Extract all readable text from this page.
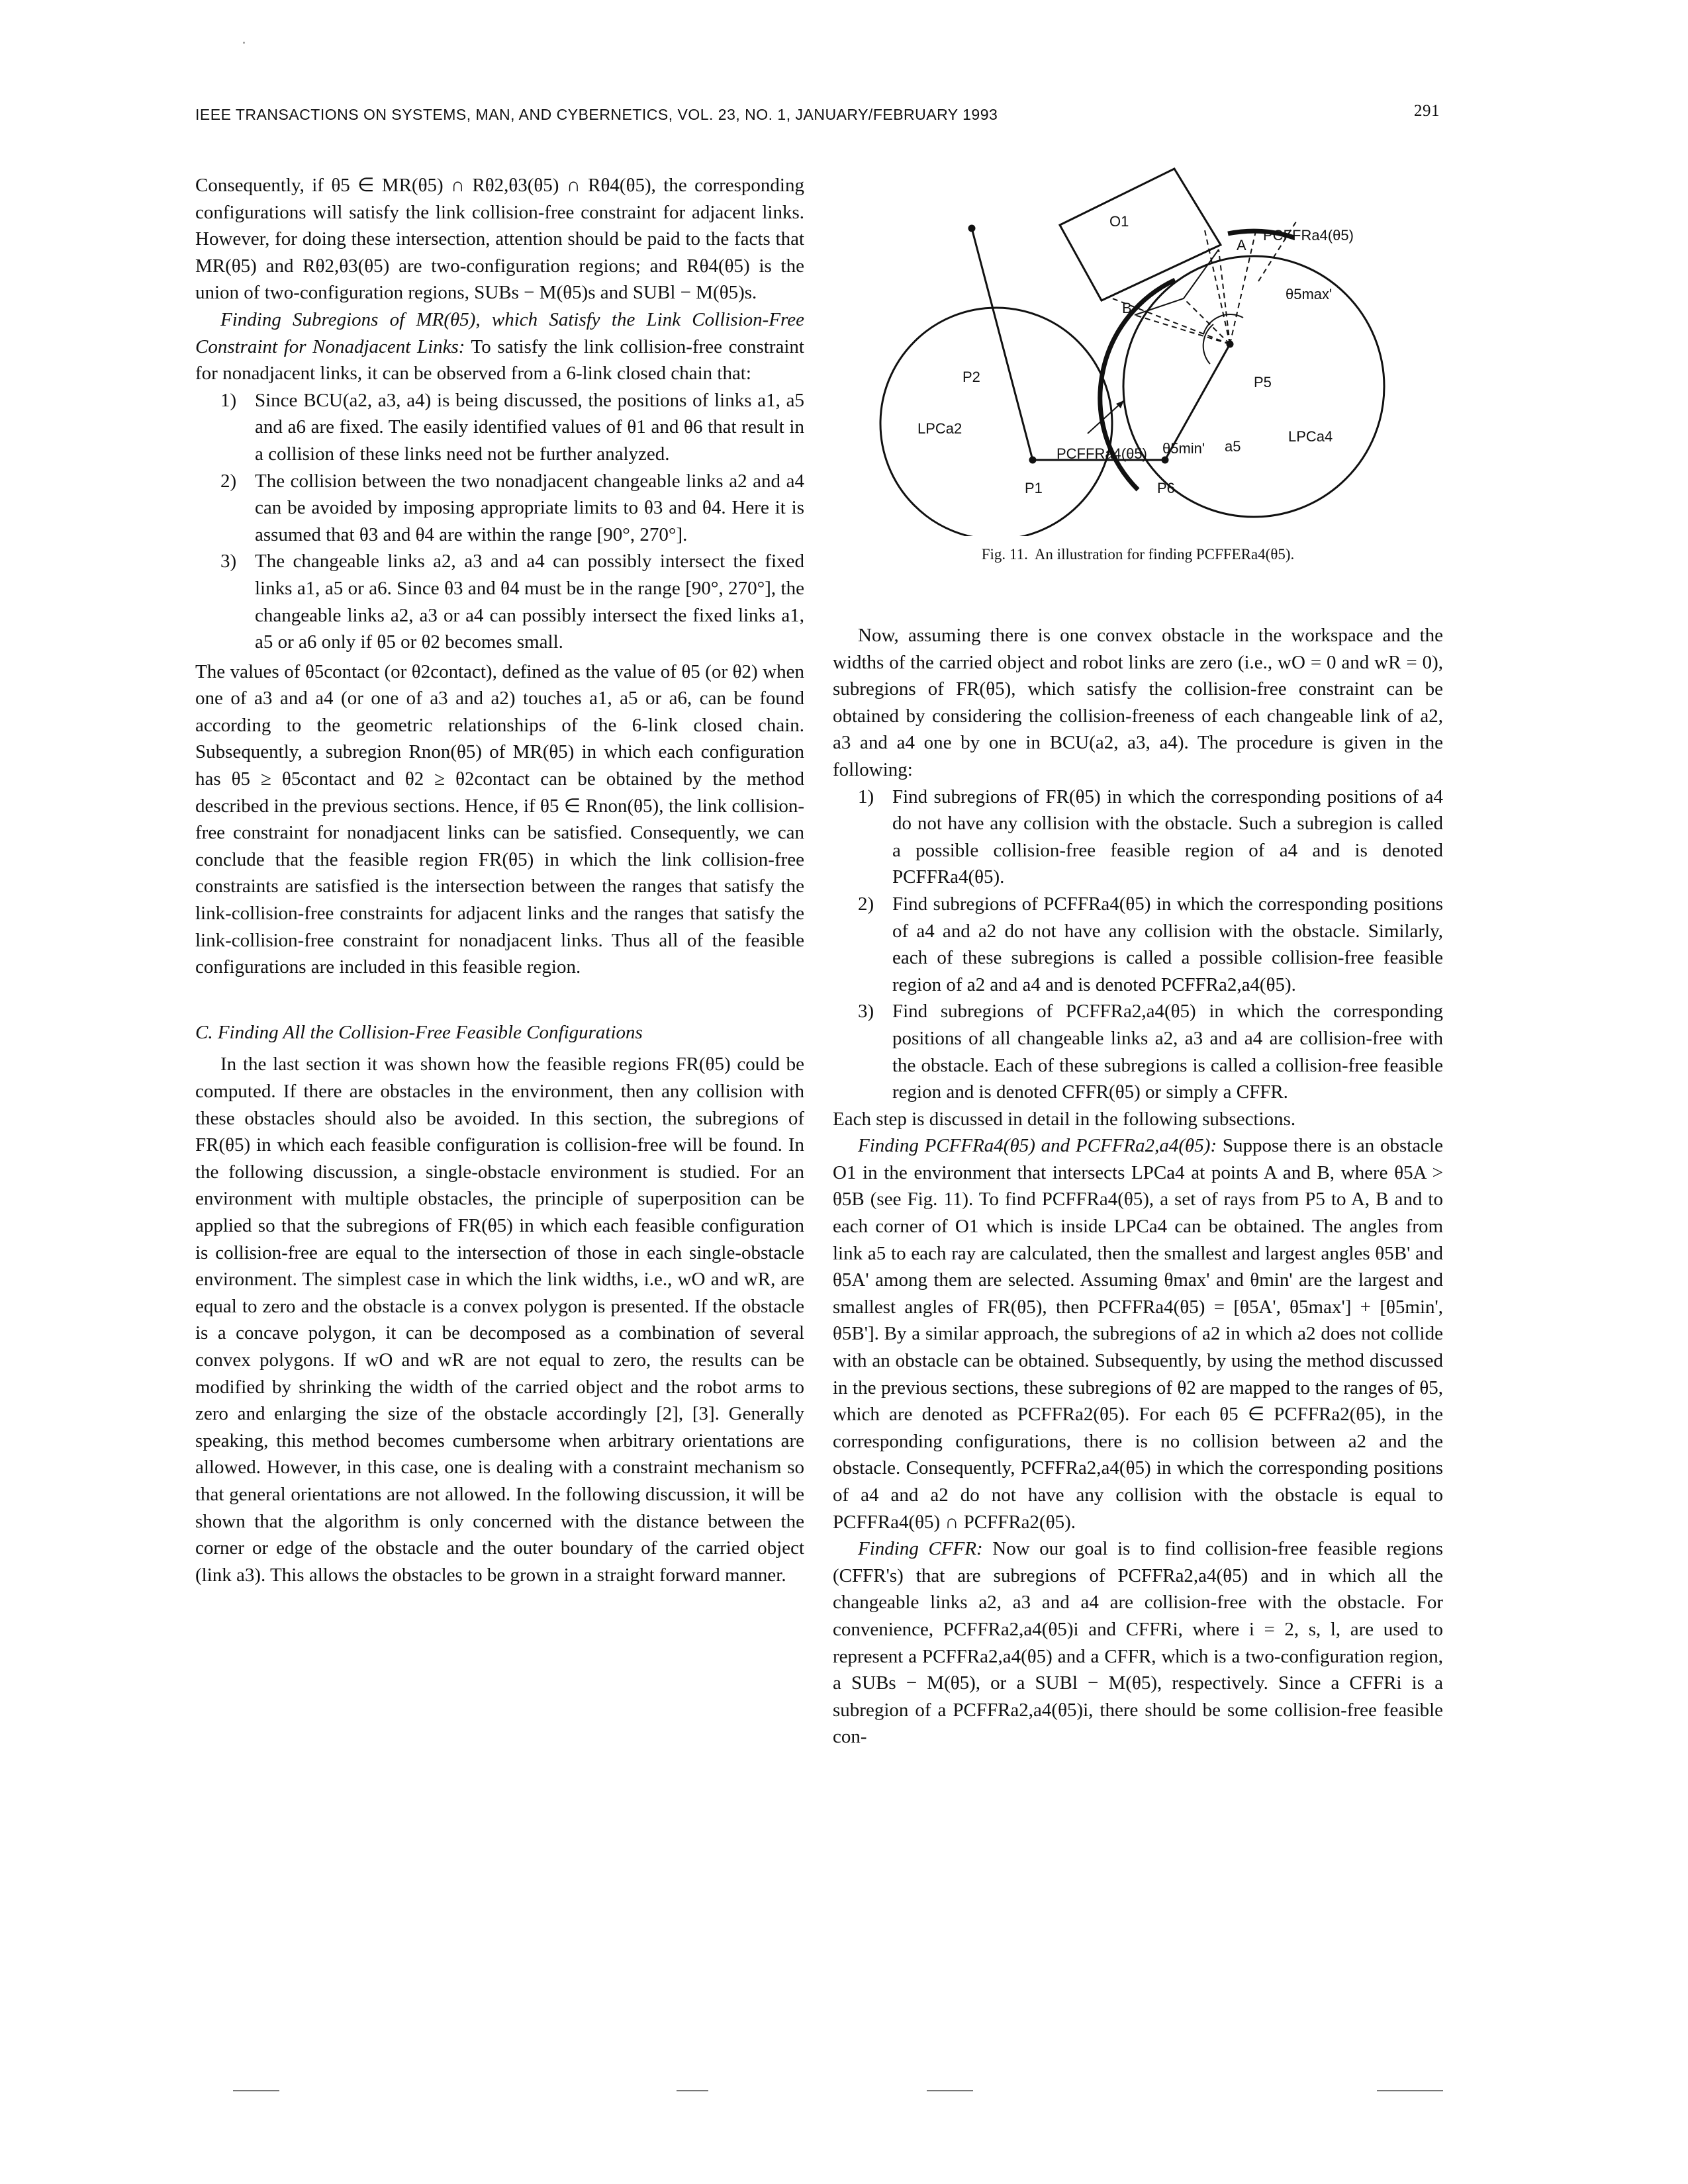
IEEE TRANSACTIONS ON SYSTEMS, MAN, AND CYBERNETICS, VOL. 23, NO. 1, JANUARY/FEBRUARY 1993	291

Consequently, if θ5 ∈ MR(θ5) ∩ Rθ2,θ3(θ5) ∩ Rθ4(θ5), the corresponding configurations will satisfy the link collision-free constraint for adjacent links. However, for doing these intersection, attention should be paid to the facts that MR(θ5) and Rθ2,θ3(θ5) are two-configuration regions; and Rθ4(θ5) is the union of two-configuration regions, SUBs − M(θ5)s and SUBl − M(θ5)s.

Finding Subregions of MR(θ5), which Satisfy the Link Collision-Free Constraint for Nonadjacent Links: To satisfy the link collision-free constraint for nonadjacent links, it can be observed from a 6-link closed chain that:

1) Since BCU(a2, a3, a4) is being discussed, the positions of links a1, a5 and a6 are fixed. The easily identified values of θ1 and θ6 that result in a collision of these links need not be further analyzed.
2) The collision between the two nonadjacent changeable links a2 and a4 can be avoided by imposing appropriate limits to θ3 and θ4. Here it is assumed that θ3 and θ4 are within the range [90°, 270°].
3) The changeable links a2, a3 and a4 can possibly intersect the fixed links a1, a5 or a6. Since θ3 and θ4 must be in the range [90°, 270°], the changeable links a2, a3 or a4 can possibly intersect the fixed links a1, a5 or a6 only if θ5 or θ2 becomes small.

The values of θ5contact (or θ2contact), defined as the value of θ5 (or θ2) when one of a3 and a4 (or one of a3 and a2) touches a1, a5 or a6, can be found according to the geometric relationships of the 6-link closed chain. Subsequently, a subregion Rnon(θ5) of MR(θ5) in which each configuration has θ5 ≥ θ5contact and θ2 ≥ θ2contact can be obtained by the method described in the previous sections. Hence, if θ5 ∈ Rnon(θ5), the link collision-free constraint for nonadjacent links can be satisfied. Consequently, we can conclude that the feasible region FR(θ5) in which the link collision-free constraints are satisfied is the intersection between the ranges that satisfy the link-collision-free constraints for adjacent links and the ranges that satisfy the link-collision-free constraint for nonadjacent links. Thus all of the feasible configurations are included in this feasible region.

C. Finding All the Collision-Free Feasible Configurations

In the last section it was shown how the feasible regions FR(θ5) could be computed. If there are obstacles in the environment, then any collision with these obstacles should also be avoided. In this section, the subregions of FR(θ5) in which each feasible configuration is collision-free will be found. In the following discussion, a single-obstacle environment is studied. For an environment with multiple obstacles, the principle of superposition can be applied so that the subregions of FR(θ5) in which each feasible configuration is collision-free are equal to the intersection of those in each single-obstacle environment. The simplest case in which the link widths, i.e., wO and wR, are equal to zero and the obstacle is a convex polygon is presented. If the obstacle is a concave polygon, it can be decomposed as a combination of several convex polygons. If wO and wR are not equal to zero, the results can be modified by shrinking the width of the carried object and the robot arms to zero and enlarging the size of the obstacle accordingly [2], [3]. Generally speaking, this method becomes cumbersome when arbitrary orientations are allowed. However, in this case, one is dealing with a constraint mechanism so that general orientations are not allowed. In the following discussion, it will be shown that the algorithm is only concerned with the distance between the corner or edge of the obstacle and the outer boundary of the carried object (link a3). This allows the obstacles to be grown in a straight forward manner.

O1
A
PCFFRa4(θ5)
θ5max'
B
P2	P5
LPCa2	LPCa4
PCFFRa4(θ5) θ5min' a5
P1	P6
Fig. 11. An illustration for finding PCFFERa4(θ5).

Now, assuming there is one convex obstacle in the workspace and the widths of the carried object and robot links are zero (i.e., wO = 0 and wR = 0), subregions of FR(θ5), which satisfy the collision-free constraint can be obtained by considering the collision-freeness of each changeable link of a2, a3 and a4 one by one in BCU(a2, a3, a4). The procedure is given in the following:

1) Find subregions of FR(θ5) in which the corresponding positions of a4 do not have any collision with the obstacle. Such a subregion is called a possible collision-free feasible region of a4 and is denoted PCFFRa4(θ5).
2) Find subregions of PCFFRa4(θ5) in which the corresponding positions of a4 and a2 do not have any collision with the obstacle. Similarly, each of these subregions is called a possible collision-free feasible region of a2 and a4 and is denoted PCFFRa2,a4(θ5).
3) Find subregions of PCFFRa2,a4(θ5) in which the corresponding positions of all changeable links a2, a3 and a4 are collision-free with the obstacle. Each of these subregions is called a collision-free feasible region and is denoted CFFR(θ5) or simply a CFFR.

Each step is discussed in detail in the following subsections.

Finding PCFFRa4(θ5) and PCFFRa2,a4(θ5): Suppose there is an obstacle O1 in the environment that intersects LPCa4 at points A and B, where θ5A > θ5B (see Fig. 11). To find PCFFRa4(θ5), a set of rays from P5 to A, B and to each corner of O1 which is inside LPCa4 can be obtained. The angles from link a5 to each ray are calculated, then the smallest and largest angles θ5B' and θ5A' among them are selected. Assuming θmax' and θmin' are the largest and smallest angles of FR(θ5), then PCFFRa4(θ5) = [θ5A', θ5max'] + [θ5min', θ5B']. By a similar approach, the subregions of a2 in which a2 does not collide with an obstacle can be obtained. Subsequently, by using the method discussed in the previous sections, these subregions of θ2 are mapped to the ranges of θ5, which are denoted as PCFFRa2(θ5). For each θ5 ∈ PCFFRa2(θ5), in the corresponding configurations, there is no collision between a2 and the obstacle. Consequently, PCFFRa2,a4(θ5) in which the corresponding positions of a4 and a2 do not have any collision with the obstacle is equal to PCFFRa4(θ5) ∩ PCFFRa2(θ5).

Finding CFFR: Now our goal is to find collision-free feasible regions (CFFR's) that are subregions of PCFFRa2,a4(θ5) and in which all the changeable links a2, a3 and a4 are collision-free with the obstacle. For convenience, PCFFRa2,a4(θ5)i and CFFRi, where i = 2, s, l, are used to represent a PCFFRa2,a4(θ5) and a CFFR, which is a two-configuration region, a SUBs − M(θ5), or a SUBl − M(θ5), respectively. Since a CFFRi is a subregion of a PCFFRa2,a4(θ5)i, there should be some collision-free feasible con-
